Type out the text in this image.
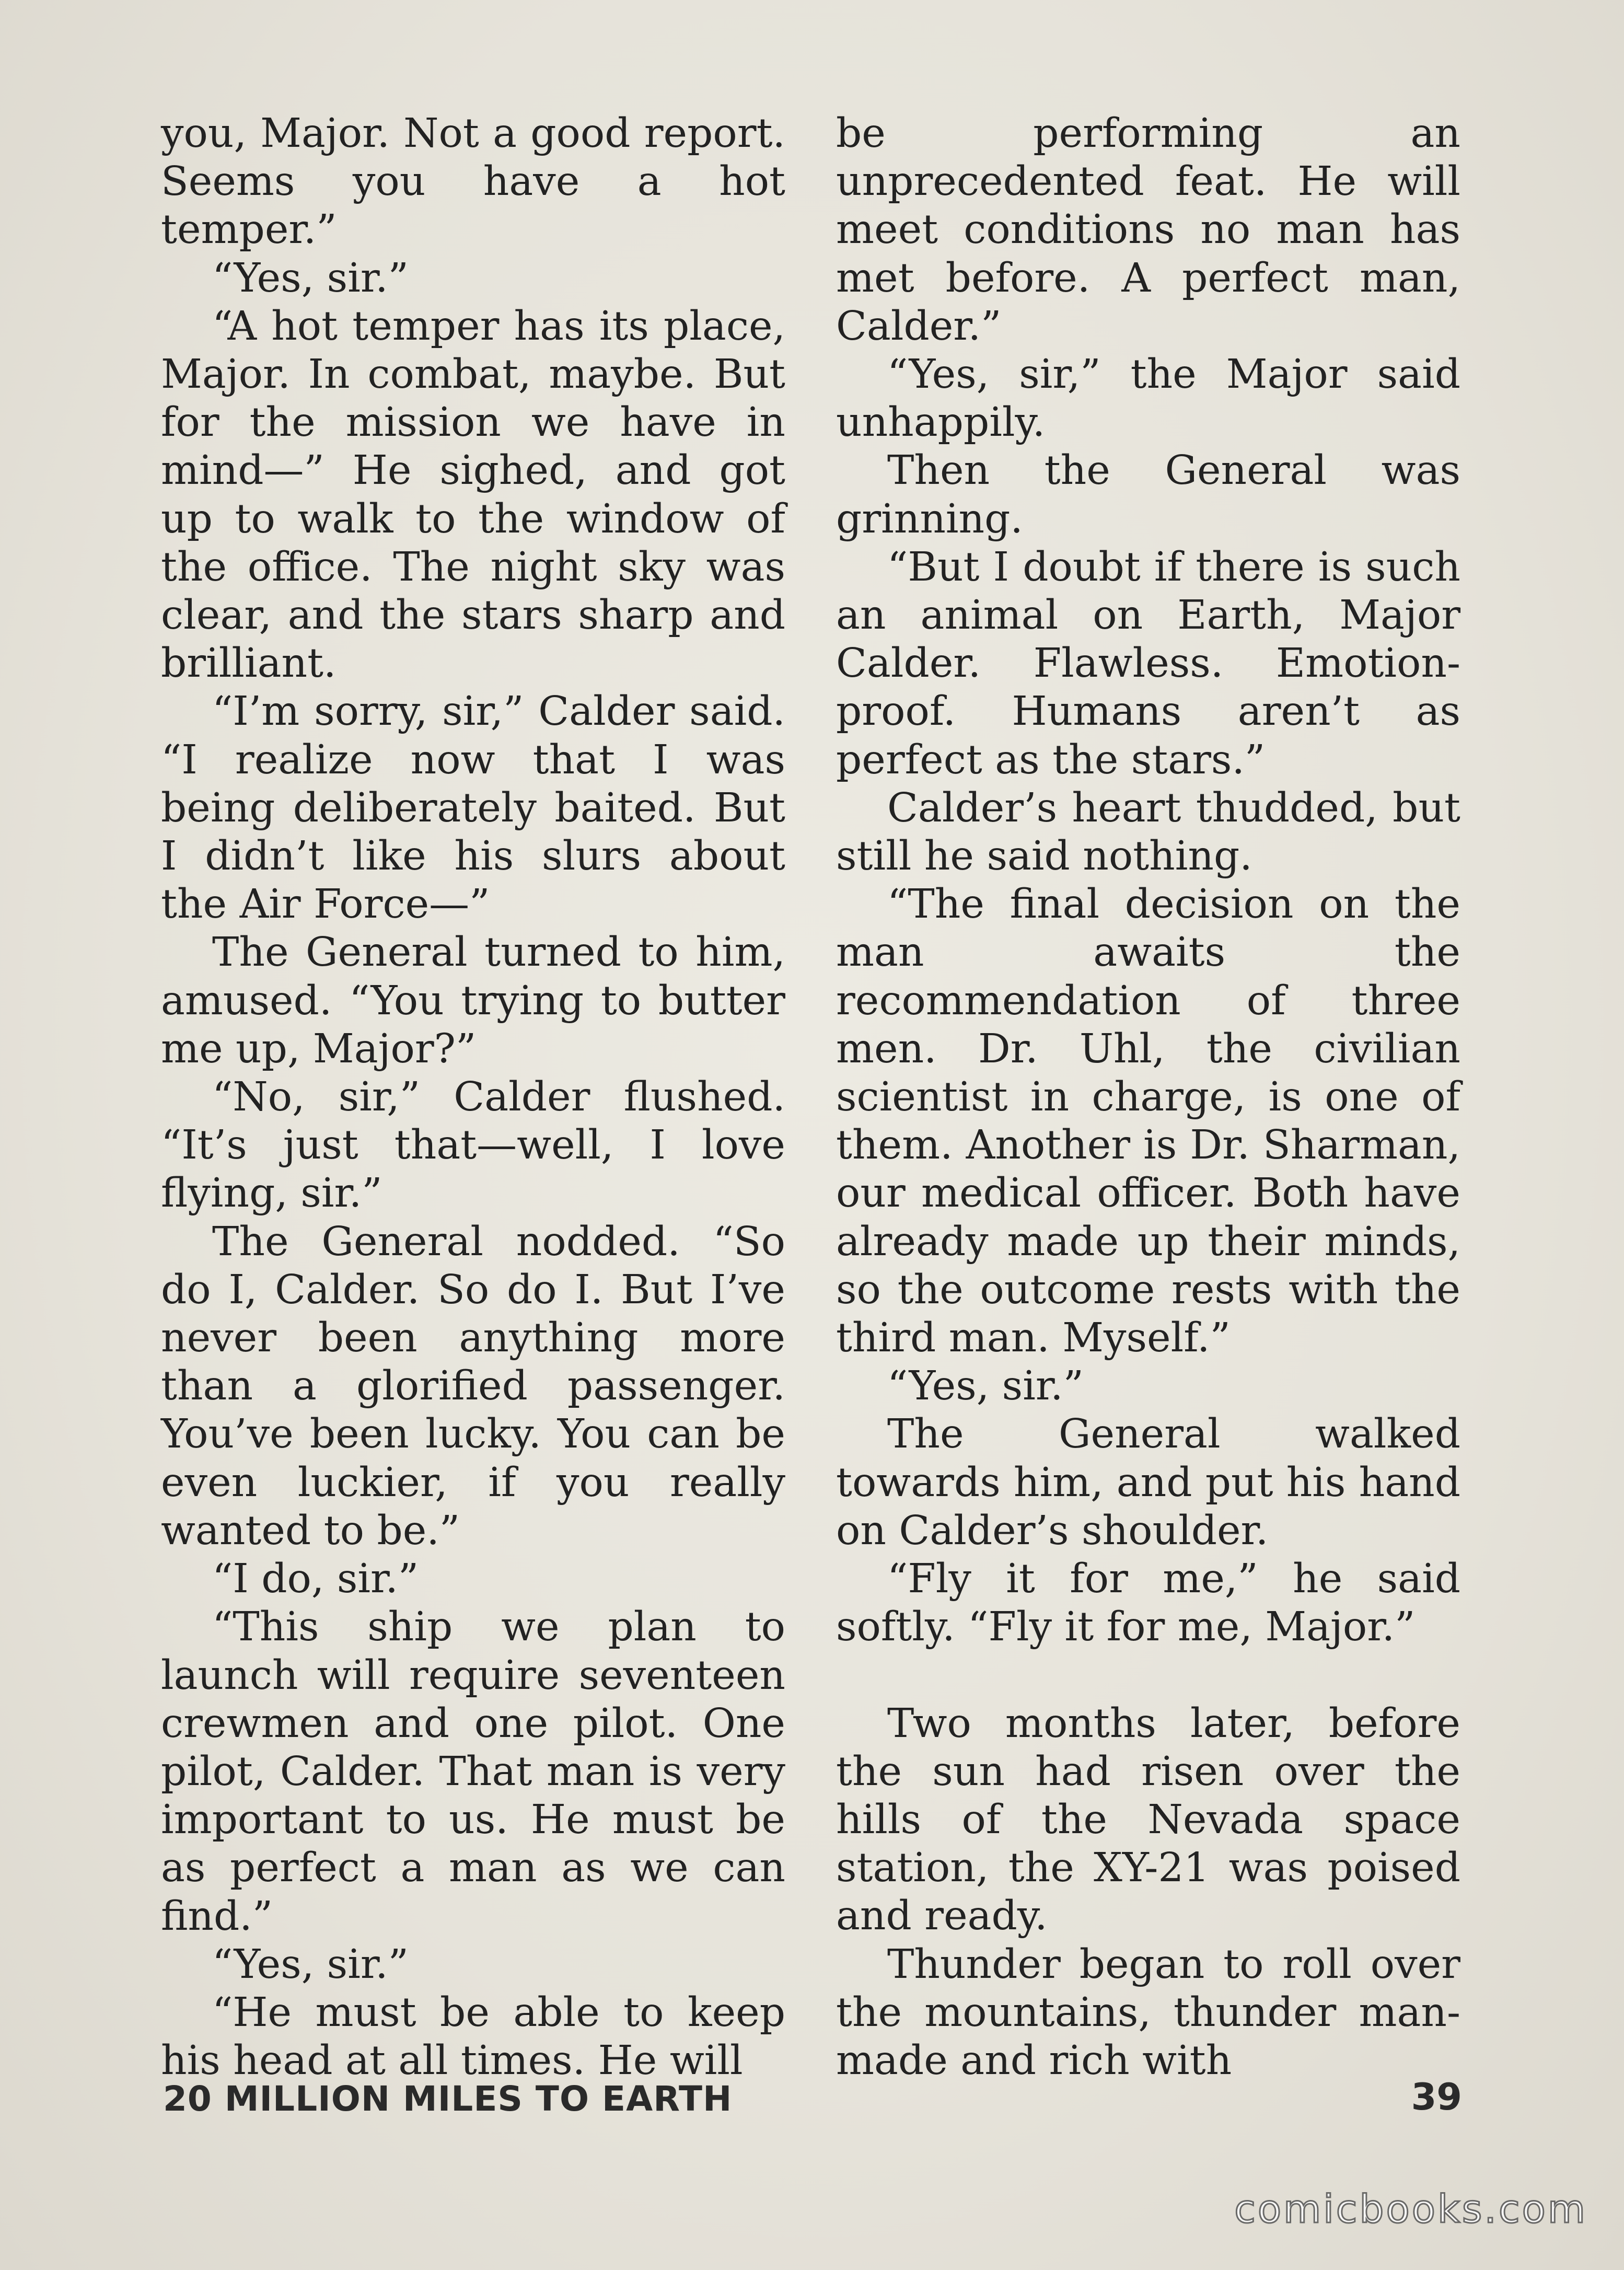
you, Major. Not a good report. Seems you have a hot temper.”

“Yes, sir.”

“A hot temper has its place, Major. In combat, maybe. But for the mission we have in mind—” He sighed, and got up to walk to the window of the office. The night sky was clear, and the stars sharp and brilliant.

“I’m sorry, sir,” Calder said. “I realize now that I was being deliberately baited. But I didn’t like his slurs about the Air Force—”

The General turned to him, amused. “You trying to butter me up, Major?”

“No, sir,” Calder flushed. “It’s just that—well, I love flying, sir.”

The General nodded. “So do I, Calder. So do I. But I’ve never been anything more than a glorified passenger. You’ve been lucky. You can be even luckier, if you really wanted to be.”

“I do, sir.”

“This ship we plan to launch will require seventeen crewmen and one pilot. One pilot, Calder. That man is very important to us. He must be as perfect a man as we can find.”

“Yes, sir.”

“He must be able to keep his head at all times. He will

be performing an unprecedented feat. He will meet conditions no man has met before. A perfect man, Calder.”

“Yes, sir,” the Major said unhappily.

Then the General was grinning.

“But I doubt if there is such an animal on Earth, Major Calder. Flawless. Emotion-proof. Humans aren’t as perfect as the stars.”

Calder’s heart thudded, but still he said nothing.

“The final decision on the man awaits the recommendation of three men. Dr. Uhl, the civilian scientist in charge, is one of them. Another is Dr. Sharman, our medical officer. Both have already made up their minds, so the outcome rests with the third man. Myself.”

“Yes, sir.”

The General walked towards him, and put his hand on Calder’s shoulder.

“Fly it for me,” he said softly. “Fly it for me, Major.”

Two months later, before the sun had risen over the hills of the Nevada space station, the XY-21 was poised and ready.

Thunder began to roll over the mountains, thunder man-made and rich with

20 MILLION MILES TO EARTH	39
comicbooks.com
